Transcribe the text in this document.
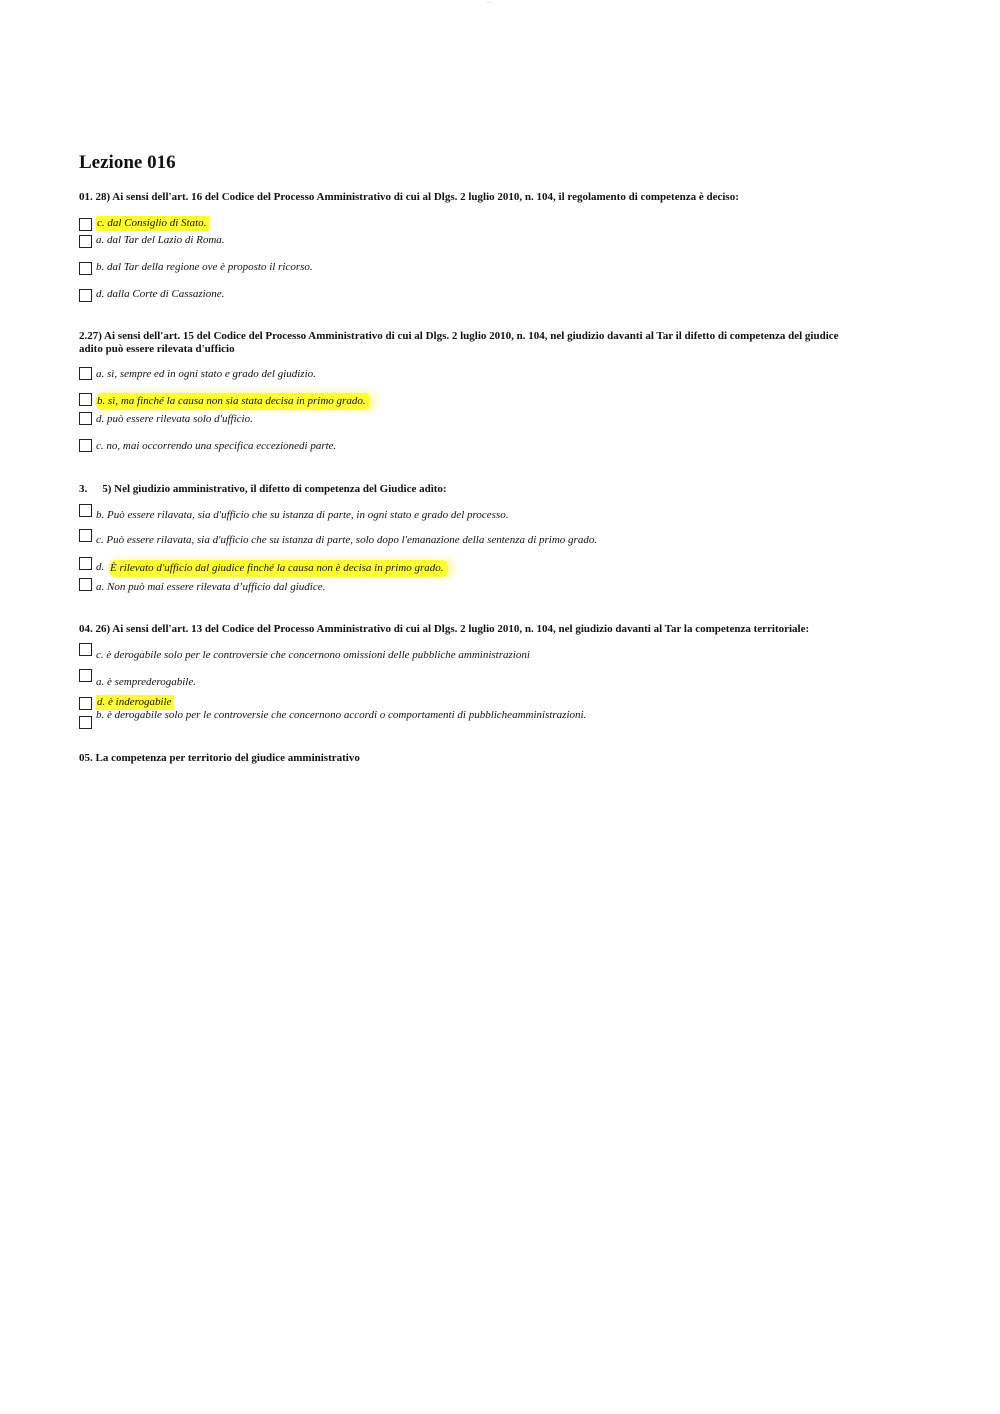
——
Lezione 016

01. 28) Ai sensi dell'art. 16 del Codice del Processo Amministrativo di cui al Dlgs. 2 luglio 2010, n. 104, il regolamento di competenza è deciso:

c. dal Consiglio di Stato.
a. dal Tar del Lazio di Roma.
b. dal Tar della regione ove è proposto il ricorso.
d. dalla Corte di Cassazione.

2.27) Ai sensi dell'art. 15 del Codice del Processo Amministrativo di cui al Dlgs. 2 luglio 2010, n. 104, nel giudizio davanti al Tar il difetto di competenza del giudice adito può essere rilevata d'ufficio

a. sì, sempre ed in ogni stato e grado del giudizio.
b. sì, ma finché la causa non sia stata decisa in primo grado.
d. può essere rilevata solo d'ufficio.
c. no, mai occorrendo una specifica eccezionedi parte.

3. 5) Nel giudizio amministrativo, il difetto di competenza del Giudice adìto:

b. Può essere rilavata, sia d'ufficio che su istanza di parte, in ogni stato e grado del processo.
c. Può essere rilavata, sia d'ufficio che su istanza di parte, solo dopo l'emanazione della sentenza di primo grado.
d. È rilevato d'ufficio dal giudice finché la causa non è decisa in primo grado.
a. Non può mai essere rilevata d’ufficio dal giudice.

04. 26) Ai sensi dell'art. 13 del Codice del Processo Amministrativo di cui al Dlgs. 2 luglio 2010, n. 104, nel giudizio davanti al Tar la competenza territoriale:

c. è derogabile solo per le controversie che concernono omissioni delle pubbliche amministrazioni
a. è semprederogabile.
d. è inderogabile
b. è derogabile solo per le controversie che concernono accordi o comportamenti di pubblicheamministrazioni.

05. La competenza per territorio del giudice amministrativo
